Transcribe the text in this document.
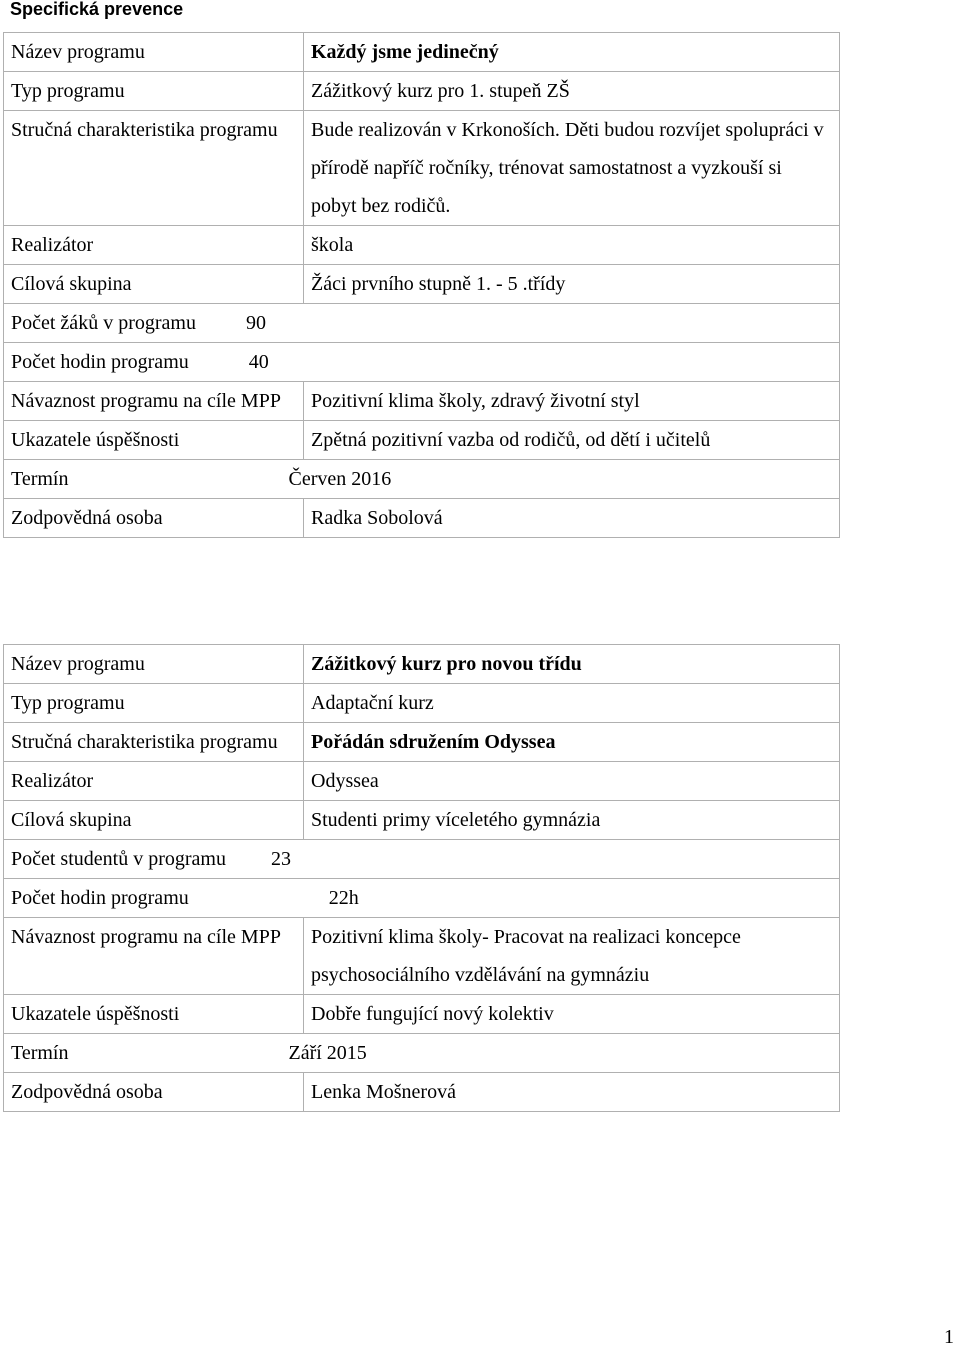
Specifická prevence
Název programu	Každý jsme jedinečný
Typ programu	Zážitkový kurz pro 1. stupeň ZŠ
Stručná charakteristika programu	Bude realizován v Krkonoších. Děti budou rozvíjet spolupráci v přírodě napříč ročníky, trénovat samostatnost a vyzkouší si pobyt bez rodičů.
Realizátor	škola
Cílová skupina	Žáci prvního stupně 1. - 5 .třídy
Počet žáků v programu 90	
Počet hodin programu 40	
Návaznost programu na cíle MPP	Pozitivní klima školy, zdravý životní styl
Ukazatele úspěšnosti	Zpětná pozitivní vazba od rodičů, od dětí i učitelů
Termín Červen 2016	
Zodpovědná osoba	Radka Sobolová
Název programu	Zážitkový kurz pro novou třídu
Typ programu	Adaptační kurz
Stručná charakteristika programu	Pořádán sdružením Odyssea
Realizátor	Odyssea
Cílová skupina	Studenti primy víceletého gymnázia
Počet studentů v programu 23	
Počet hodin programu 22h	
Návaznost programu na cíle MPP	Pozitivní klima školy- Pracovat na realizaci koncepce psychosociálního vzdělávání na gymnáziu
Ukazatele úspěšnosti	Dobře fungující nový kolektiv
Termín Září 2015	
Zodpovědná osoba	Lenka Mošnerová
1
